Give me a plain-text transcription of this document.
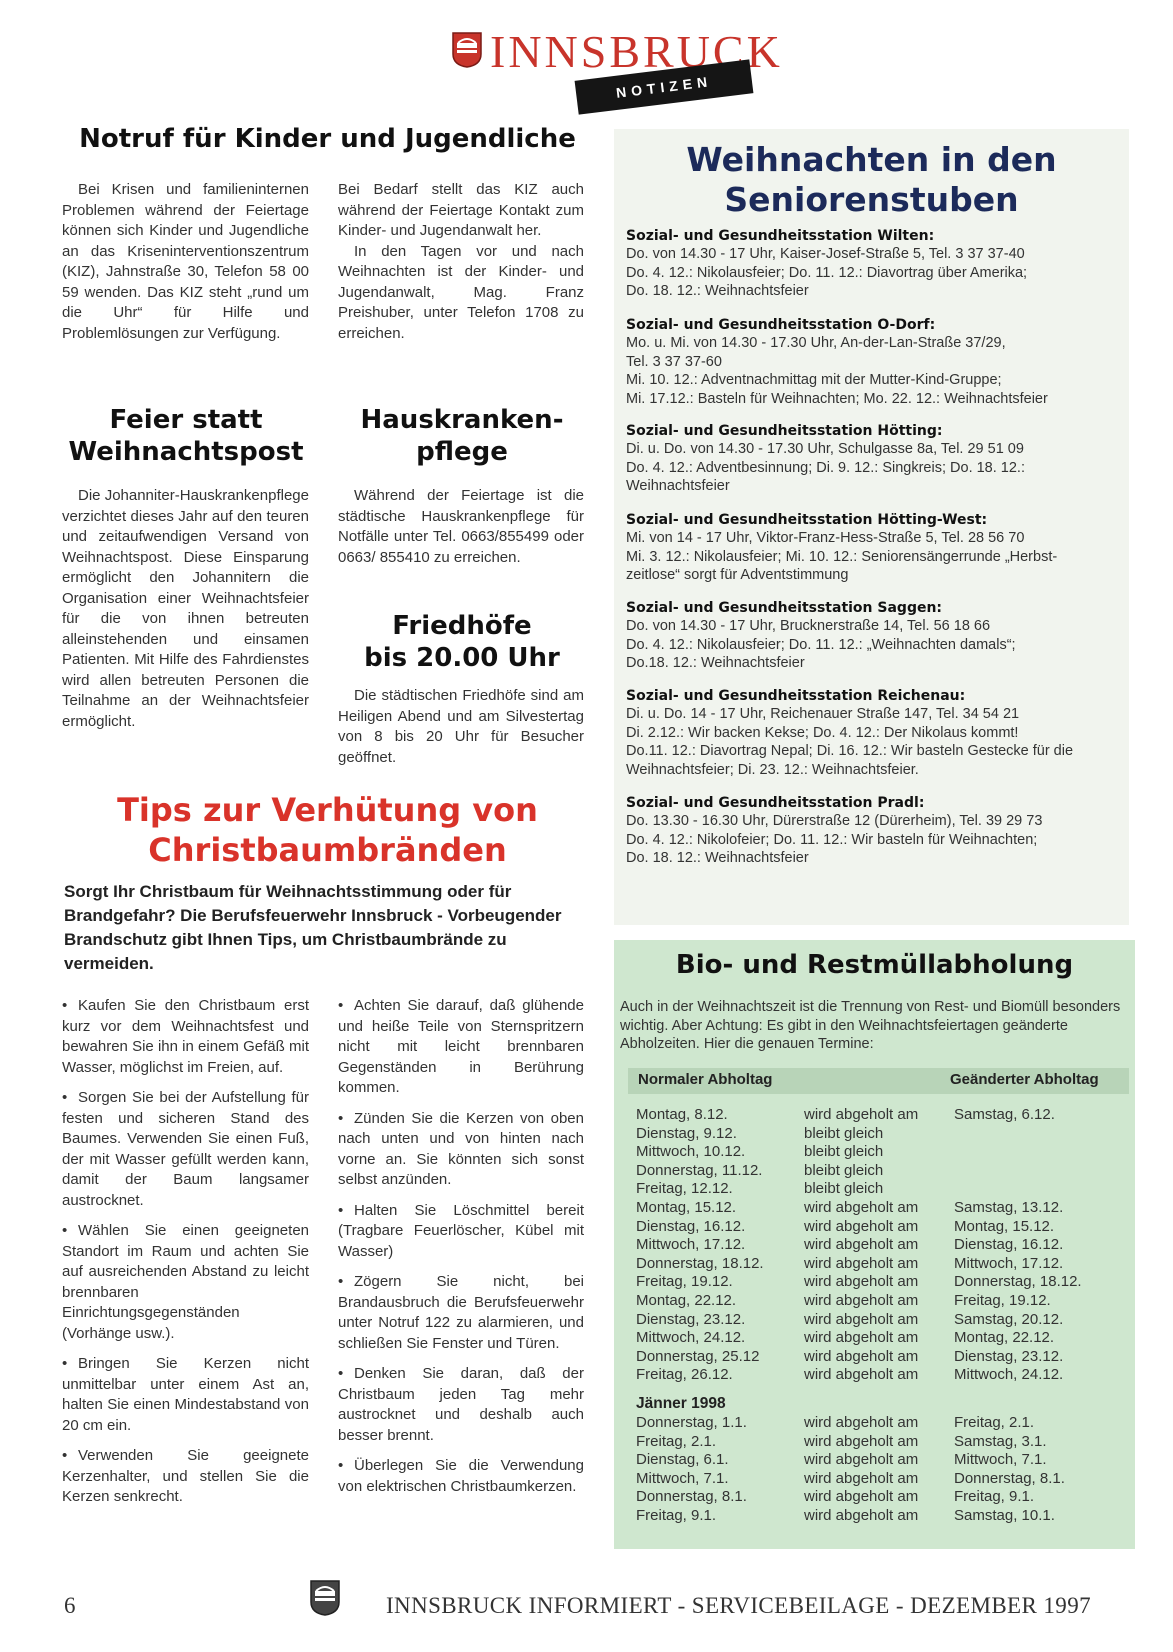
INNSBRUCK
NOTIZEN
Notruf für Kinder und Jugendliche

Bei Krisen und familieninternen Problemen während der Feiertage können sich Kinder und Jugendliche an das Kriseninterventionszentrum (KIZ), Jahnstraße 30, Telefon 58 00 59 wenden. Das KIZ steht „rund um die Uhr“ für Hilfe und Problemlösungen zur Verfügung.

Bei Bedarf stellt das KIZ auch während der Feiertage Kontakt zum Kinder- und Jugendanwalt her.

In den Tagen vor und nach Weihnachten ist der Kinder- und Jugendanwalt, Mag. Franz Preishuber, unter Telefon 1708 zu erreichen.

Feier statt
Weihnachtspost

Die Johanniter-Hauskrankenpflege verzichtet dieses Jahr auf den teuren und zeitaufwendigen Versand von Weihnachtspost. Diese Einsparung ermöglicht den Johannitern die Organisation einer Weihnachtsfeier für die von ihnen betreuten alleinstehenden und einsamen Patienten. Mit Hilfe des Fahrdienstes wird allen betreuten Personen die Teilnahme an der Weihnachtsfeier ermöglicht.

Hauskranken-
pflege

Während der Feiertage ist die städtische Hauskrankenpflege für Notfälle unter Tel. 0663/855499 oder 0663/ 855410 zu erreichen.

Friedhöfe
bis 20.00 Uhr

Die städtischen Friedhöfe sind am Heiligen Abend und am Silvestertag von 8 bis 20 Uhr für Besucher geöffnet.

Tips zur Verhütung von
Christbaumbränden

Sorgt Ihr Christbaum für Weihnachtsstimmung oder für Brandgefahr? Die Berufsfeuerwehr Innsbruck - Vorbeugender Brandschutz gibt Ihnen Tips, um Christbaumbrände zu vermeiden.

• Kaufen Sie den Christbaum erst kurz vor dem Weihnachtsfest und bewahren Sie ihn in einem Gefäß mit Wasser, möglichst im Freien, auf.

• Sorgen Sie bei der Aufstellung für festen und sicheren Stand des Baumes. Verwenden Sie einen Fuß, der mit Wasser gefüllt werden kann, damit der Baum langsamer austrocknet.

• Wählen Sie einen geeigneten Standort im Raum und achten Sie auf ausreichenden Abstand zu leicht brennbaren Einrichtungsgegenständen (Vorhänge usw.).

• Bringen Sie Kerzen nicht unmittelbar unter einem Ast an, halten Sie einen Mindestabstand von 20 cm ein.

• Verwenden Sie geeignete Kerzenhalter, und stellen Sie die Kerzen senkrecht.

• Achten Sie darauf, daß glühende und heiße Teile von Sternspritzern nicht mit leicht brennbaren Gegenständen in Berührung kommen.

• Zünden Sie die Kerzen von oben nach unten und von hinten nach vorne an. Sie könnten sich sonst selbst anzünden.

• Halten Sie Löschmittel bereit (Tragbare Feuerlöscher, Kübel mit Wasser)

• Zögern Sie nicht, bei Brandausbruch die Berufsfeuerwehr unter Notruf 122 zu alarmieren, und schließen Sie Fenster und Türen.

• Denken Sie daran, daß der Christbaum jeden Tag mehr austrocknet und deshalb auch besser brennt.

• Überlegen Sie die Verwendung von elektrischen Christbaumkerzen.

Weihnachten in den
Seniorenstuben

Sozial- und Gesundheitsstation Wilten:

Do. von 14.30 - 17 Uhr, Kaiser-Josef-Straße 5, Tel. 3 37 37-40

Do. 4. 12.: Nikolausfeier; Do. 11. 12.: Diavortrag über Amerika;

Do. 18. 12.: Weihnachtsfeier

Sozial- und Gesundheitsstation O-Dorf:

Mo. u. Mi. von 14.30 - 17.30 Uhr, An-der-Lan-Straße 37/29,

Tel. 3 37 37-60

Mi. 10. 12.: Adventnachmittag mit der Mutter-Kind-Gruppe;

Mi. 17.12.: Basteln für Weihnachten; Mo. 22. 12.: Weihnachtsfeier

Sozial- und Gesundheitsstation Hötting:

Di. u. Do. von 14.30 - 17.30 Uhr, Schulgasse 8a, Tel. 29 51 09

Do. 4. 12.: Adventbesinnung; Di. 9. 12.: Singkreis; Do. 18. 12.:

Weihnachtsfeier

Sozial- und Gesundheitsstation Hötting-West:

Mi. von 14 - 17 Uhr, Viktor-Franz-Hess-Straße 5, Tel. 28 56 70

Mi. 3. 12.: Nikolausfeier; Mi. 10. 12.: Seniorensängerrunde „Herbst-

zeitlose“ sorgt für Adventstimmung

Sozial- und Gesundheitsstation Saggen:

Do. von 14.30 - 17 Uhr, Brucknerstraße 14, Tel. 56 18 66

Do. 4. 12.: Nikolausfeier; Do. 11. 12.: „Weihnachten damals“;

Do.18. 12.: Weihnachtsfeier

Sozial- und Gesundheitsstation Reichenau:

Di. u. Do. 14 - 17 Uhr, Reichenauer Straße 147, Tel. 34 54 21

Di. 2.12.: Wir backen Kekse; Do. 4. 12.: Der Nikolaus kommt!

Do.11. 12.: Diavortrag Nepal; Di. 16. 12.: Wir basteln Gestecke für die

Weihnachtsfeier; Di. 23. 12.: Weihnachtsfeier.

Sozial- und Gesundheitsstation Pradl:

Do. 13.30 - 16.30 Uhr, Dürerstraße 12 (Dürerheim), Tel. 39 29 73

Do. 4. 12.: Nikolofeier; Do. 11. 12.: Wir basteln für Weihnachten;

Do. 18. 12.: Weihnachtsfeier

Bio- und Restmüllabholung

Auch in der Weihnachtszeit ist die Trennung von Rest- und Biomüll besonders wichtig. Aber Achtung: Es gibt in den Weihnachtsfeiertagen geänderte Abholzeiten. Hier die genauen Termine:

Normaler Abholtag	Geänderter Abholtag
Montag, 8.12.	wird abgeholt am	Samstag, 6.12.
Dienstag, 9.12.	bleibt gleich
Mittwoch, 10.12.	bleibt gleich
Donnerstag, 11.12.	bleibt gleich
Freitag, 12.12.	bleibt gleich
Montag, 15.12.	wird abgeholt am	Samstag, 13.12.
Dienstag, 16.12.	wird abgeholt am	Montag, 15.12.
Mittwoch, 17.12.	wird abgeholt am	Dienstag, 16.12.
Donnerstag, 18.12.	wird abgeholt am	Mittwoch, 17.12.
Freitag, 19.12.	wird abgeholt am	Donnerstag, 18.12.
Montag, 22.12.	wird abgeholt am	Freitag, 19.12.
Dienstag, 23.12.	wird abgeholt am	Samstag, 20.12.
Mittwoch, 24.12.	wird abgeholt am	Montag, 22.12.
Donnerstag, 25.12	wird abgeholt am	Dienstag, 23.12.
Freitag, 26.12.	wird abgeholt am	Mittwoch, 24.12.
Jänner 1998
Donnerstag, 1.1.	wird abgeholt am	Freitag, 2.1.
Freitag, 2.1.	wird abgeholt am	Samstag, 3.1.
Dienstag, 6.1.	wird abgeholt am	Mittwoch, 7.1.
Mittwoch, 7.1.	wird abgeholt am	Donnerstag, 8.1.
Donnerstag, 8.1.	wird abgeholt am	Freitag, 9.1.
Freitag, 9.1.	wird abgeholt am	Samstag, 10.1.
6	INNSBRUCK INFORMIERT - SERVICEBEILAGE - DEZEMBER 1997
